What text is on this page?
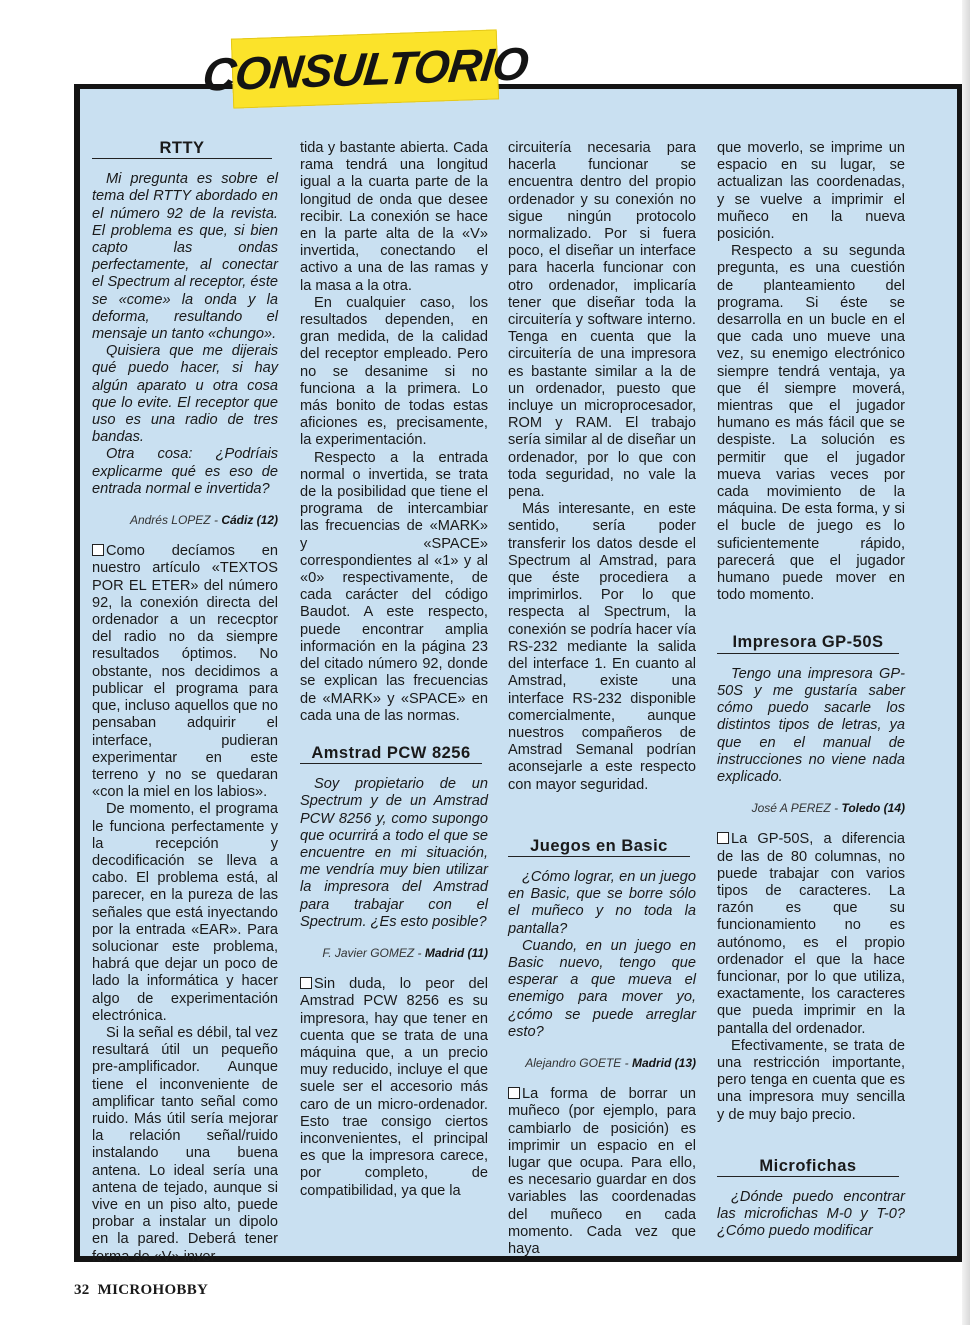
CONSULTORIO
RTTY

Mi pregunta es sobre el tema del RTTY abordado en el número 92 de la revista. El problema es que, si bien capto las ondas perfectamente, al conectar el Spectrum al receptor, éste se «come» la onda y la deforma, resultando el mensaje un tanto «chungo».

Quisiera que me dijerais qué puedo hacer, si hay algún aparato u otra cosa que lo evite. El receptor que uso es una radio de tres bandas.

Otra cosa: ¿Podríais explicarme qué es eso de entrada normal e invertida?

Andrés LOPEZ - Cádiz (12)

Como decíamos en nuestro artículo «TEXTOS POR EL ETER» del número 92, la conexión directa del ordenador a un rececptor del radio no da siempre resultados óptimos. No obstante, nos decidimos a publicar el programa para que, incluso aquellos que no pensaban adquirir el interface, pudieran experimentar en este terreno y no se quedaran «con la miel en los labios».

De momento, el programa le funciona perfectamente y la recepción y decodificación se lleva a cabo. El problema está, al parecer, en la pureza de las señales que está inyectando por la entrada «EAR». Para solucionar este problema, habrá que dejar un poco de lado la informática y hacer algo de experimentación electrónica.

Si la señal es débil, tal vez resultará útil un pequeño pre-amplificador. Aunque tiene el inconveniente de amplificar tanto señal como ruido. Más útil sería mejorar la relación señal/ruido instalando una buena antena. Lo ideal sería una antena de tejado, aunque si vive en un piso alto, puede probar a instalar un dipolo en la pared. Deberá tener forma de «V» inver-

tida y bastante abierta. Cada rama tendrá una longitud igual a la cuarta parte de la longitud de onda que desee recibir. La conexión se hace en la parte alta de la «V» invertida, conectando el activo a una de las ramas y la masa a la otra.

En cualquier caso, los resultados dependen, en gran medida, de la calidad del receptor empleado. Pero no se desanime si no funciona a la primera. Lo más bonito de todas estas aficiones es, precisamente, la experimentación.

Respecto a la entrada normal o invertida, se trata de la posibilidad que tiene el programa de intercambiar las frecuencias de «MARK» y «SPACE» correspondientes al «1» y al «0» respectivamente, de cada carácter del código Baudot. A este respecto, puede encontrar amplia información en la página 23 del citado número 92, donde se explican las frecuencias de «MARK» y «SPACE» en cada una de las normas.

Amstrad PCW 8256

Soy propietario de un Spectrum y de un Amstrad PCW 8256 y, como supongo que ocurrirá a todo el que se encuentre en mi situación, me vendría muy bien utilizar la impresora del Amstrad para trabajar con el Spectrum. ¿Es esto posible?

F. Javier GOMEZ - Madrid (11)

Sin duda, lo peor del Amstrad PCW 8256 es su impresora, hay que tener en cuenta que se trata de una máquina que, a un precio muy reducido, incluye el que suele ser el accesorio más caro de un micro-ordenador. Esto trae consigo ciertos inconvenientes, el principal es que la impresora carece, por completo, de compatibilidad, ya que la

circuitería necesaria para hacerla funcionar se encuentra dentro del propio ordenador y su conexión no sigue ningún protocolo normalizado. Por si fuera poco, el diseñar un interface para hacerla funcionar con otro ordenador, implicaría tener que diseñar toda la circuitería y software interno. Tenga en cuenta que la circuitería de una impresora es bastante similar a la de un ordenador, puesto que incluye un microprocesador, ROM y RAM. El trabajo sería similar al de diseñar un ordenador, por lo que con toda seguridad, no vale la pena.

Más interesante, en este sentido, sería poder transferir los datos desde el Spectrum al Amstrad, para que éste procediera a imprimirlos. Por lo que respecta al Spectrum, la conexión se podría hacer vía RS-232 mediante la salida del interface 1. En cuanto al Amstrad, existe una interface RS-232 disponible comercialmente, aunque nuestros compañeros de Amstrad Semanal podrían aconsejarle a este respecto con mayor seguridad.

Juegos en Basic

¿Cómo lograr, en un juego en Basic, que se borre sólo el muñeco y no toda la pantalla?

Cuando, en un juego en Basic nuevo, tengo que esperar a que mueva el enemigo para mover yo, ¿cómo se puede arreglar esto?

Alejandro GOETE - Madrid (13)

La forma de borrar un muñeco (por ejemplo, para cambiarlo de posición) es imprimir un espacio en el lugar que ocupa. Para ello, es necesario guardar en dos variables las coordenadas del muñeco en cada momento. Cada vez que haya

que moverlo, se imprime un espacio en su lugar, se actualizan las coordenadas, y se vuelve a imprimir el muñeco en la nueva posición.

Respecto a su segunda pregunta, es una cuestión de planteamiento del programa. Si éste se desarrolla en un bucle en el que cada uno mueve una vez, su enemigo electrónico siempre tendrá ventaja, ya que él siempre moverá, mientras que el jugador humano es más fácil que se despiste. La solución es permitir que el jugador mueva varias veces por cada movimiento de la máquina. De esta forma, y si el bucle de juego es lo suficientemente rápido, parecerá que el jugador humano puede mover en todo momento.

Impresora GP-50S

Tengo una impresora GP-50S y me gustaría saber cómo puedo sacarle los distintos tipos de letras, ya que en el manual de instrucciones no viene nada explicado.

José A PEREZ - Toledo (14)

La GP-50S, a diferencia de las de 80 columnas, no puede trabajar con varios tipos de caracteres. La razón es que su funcionamiento no es autónomo, es el propio ordenador el que la hace funcionar, por lo que utiliza, exactamente, los caracteres que pueda imprimir en la pantalla del ordenador.

Efectivamente, se trata de una restricción importante, pero tenga en cuenta que es una impresora muy sencilla y de muy bajo precio.

Microfichas

¿Dónde puedo encontrar las microfichas M-0 y T-0? ¿Cómo puedo modificar

32 MICROHOBBY
